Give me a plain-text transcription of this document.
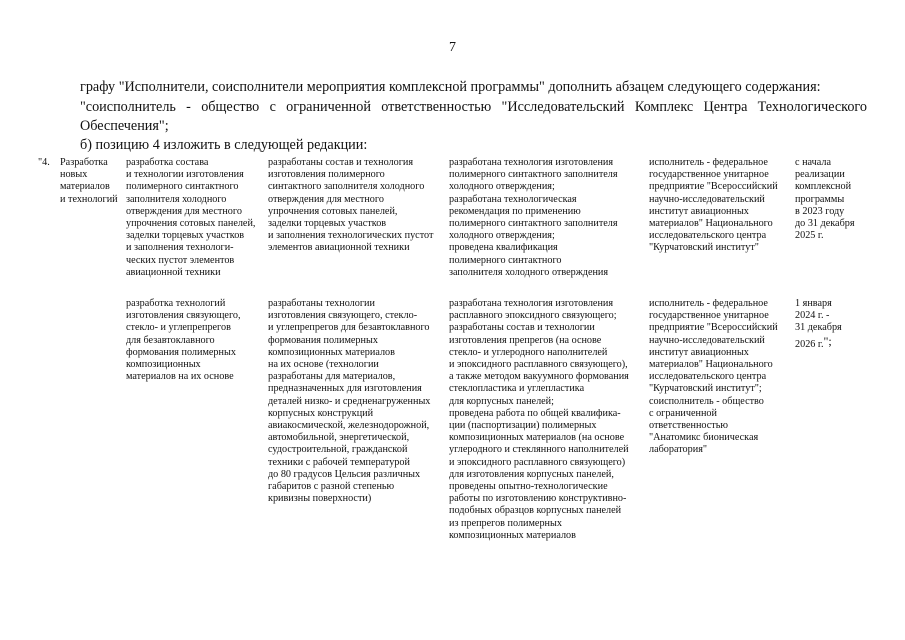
7
графу "Исполнители, соисполнители мероприятия комплексной программы" дополнить абзацем следующего содержания:
"соисполнитель - общество с ограниченной ответственностью "Исследовательский Комплекс Центра Технологического Обеспечения";
б) позицию 4 изложить в следующей редакции:
"4. Разработка
новых
материалов
и технологий
разработка состава
и технологии изготовления
полимерного синтактного
заполнителя холодного
отверждения для местного
упрочнения сотовых панелей,
заделки торцевых участков
и заполнения технологи-
ческих пустот элементов
авиационной техники
разработаны состав и технология
изготовления полимерного
синтактного заполнителя холодного
отверждения для местного
упрочнения сотовых панелей,
заделки торцевых участков
и заполнения технологических пустот
элементов авиационной техники
разработана технология изготовления
полимерного синтактного заполнителя
холодного отверждения;
разработана технологическая
рекомендация по применению
полимерного синтактного заполнителя
холодного отверждения;
проведена квалификация
полимерного синтактного
заполнителя холодного отверждения
исполнитель - федеральное
государственное унитарное
предприятие "Всероссийский
научно-исследовательский
институт авиационных
материалов" Национального
исследовательского центра
"Курчатовский институт"
с начала
реализации
комплексной
программы
в 2023 году
до 31 декабря
2025 г.
разработка технологий
изготовления связующего,
стекло- и углепрепрегов
для безавтоклавного
формования полимерных
композиционных
материалов на их основе
разработаны технологии
изготовления связующего, стекло-
и углепрепрегов для безавтоклавного
формования полимерных
композиционных материалов
на их основе (технологии
разработаны для материалов,
предназначенных для изготовления
деталей низко- и средненагруженных
корпусных конструкций
авиакосмической, железнодорожной,
автомобильной, энергетической,
судостроительной, гражданской
техники с рабочей температурой
до 80 градусов Цельсия различных
габаритов с разной степенью
кривизны поверхности)
разработана технология изготовления
расплавного эпоксидного связующего;
разработаны состав и технологии
изготовления препрегов (на основе
стекло- и углеродного наполнителей
и эпоксидного расплавного связующего),
а также методом вакуумного формования
стеклопластика и углепластика
для корпусных панелей;
проведена работа по общей квалифика-
ции (паспортизации) полимерных
композиционных материалов (на основе
углеродного и стеклянного наполнителей
и эпоксидного расплавного связующего)
для изготовления корпусных панелей,
проведены опытно-технологические
работы по изготовлению конструктивно-
подобных образцов корпусных панелей
из препрегов полимерных
композиционных материалов
исполнитель - федеральное
государственное унитарное
предприятие "Всероссийский
научно-исследовательский
институт авиационных
материалов" Национального
исследовательского центра
"Курчатовский институт";
соисполнитель - общество
с ограниченной
ответственностью
"Анатомикс бионическая
лаборатория"
1 января
2024 г. -
31 декабря
2026 г.";
